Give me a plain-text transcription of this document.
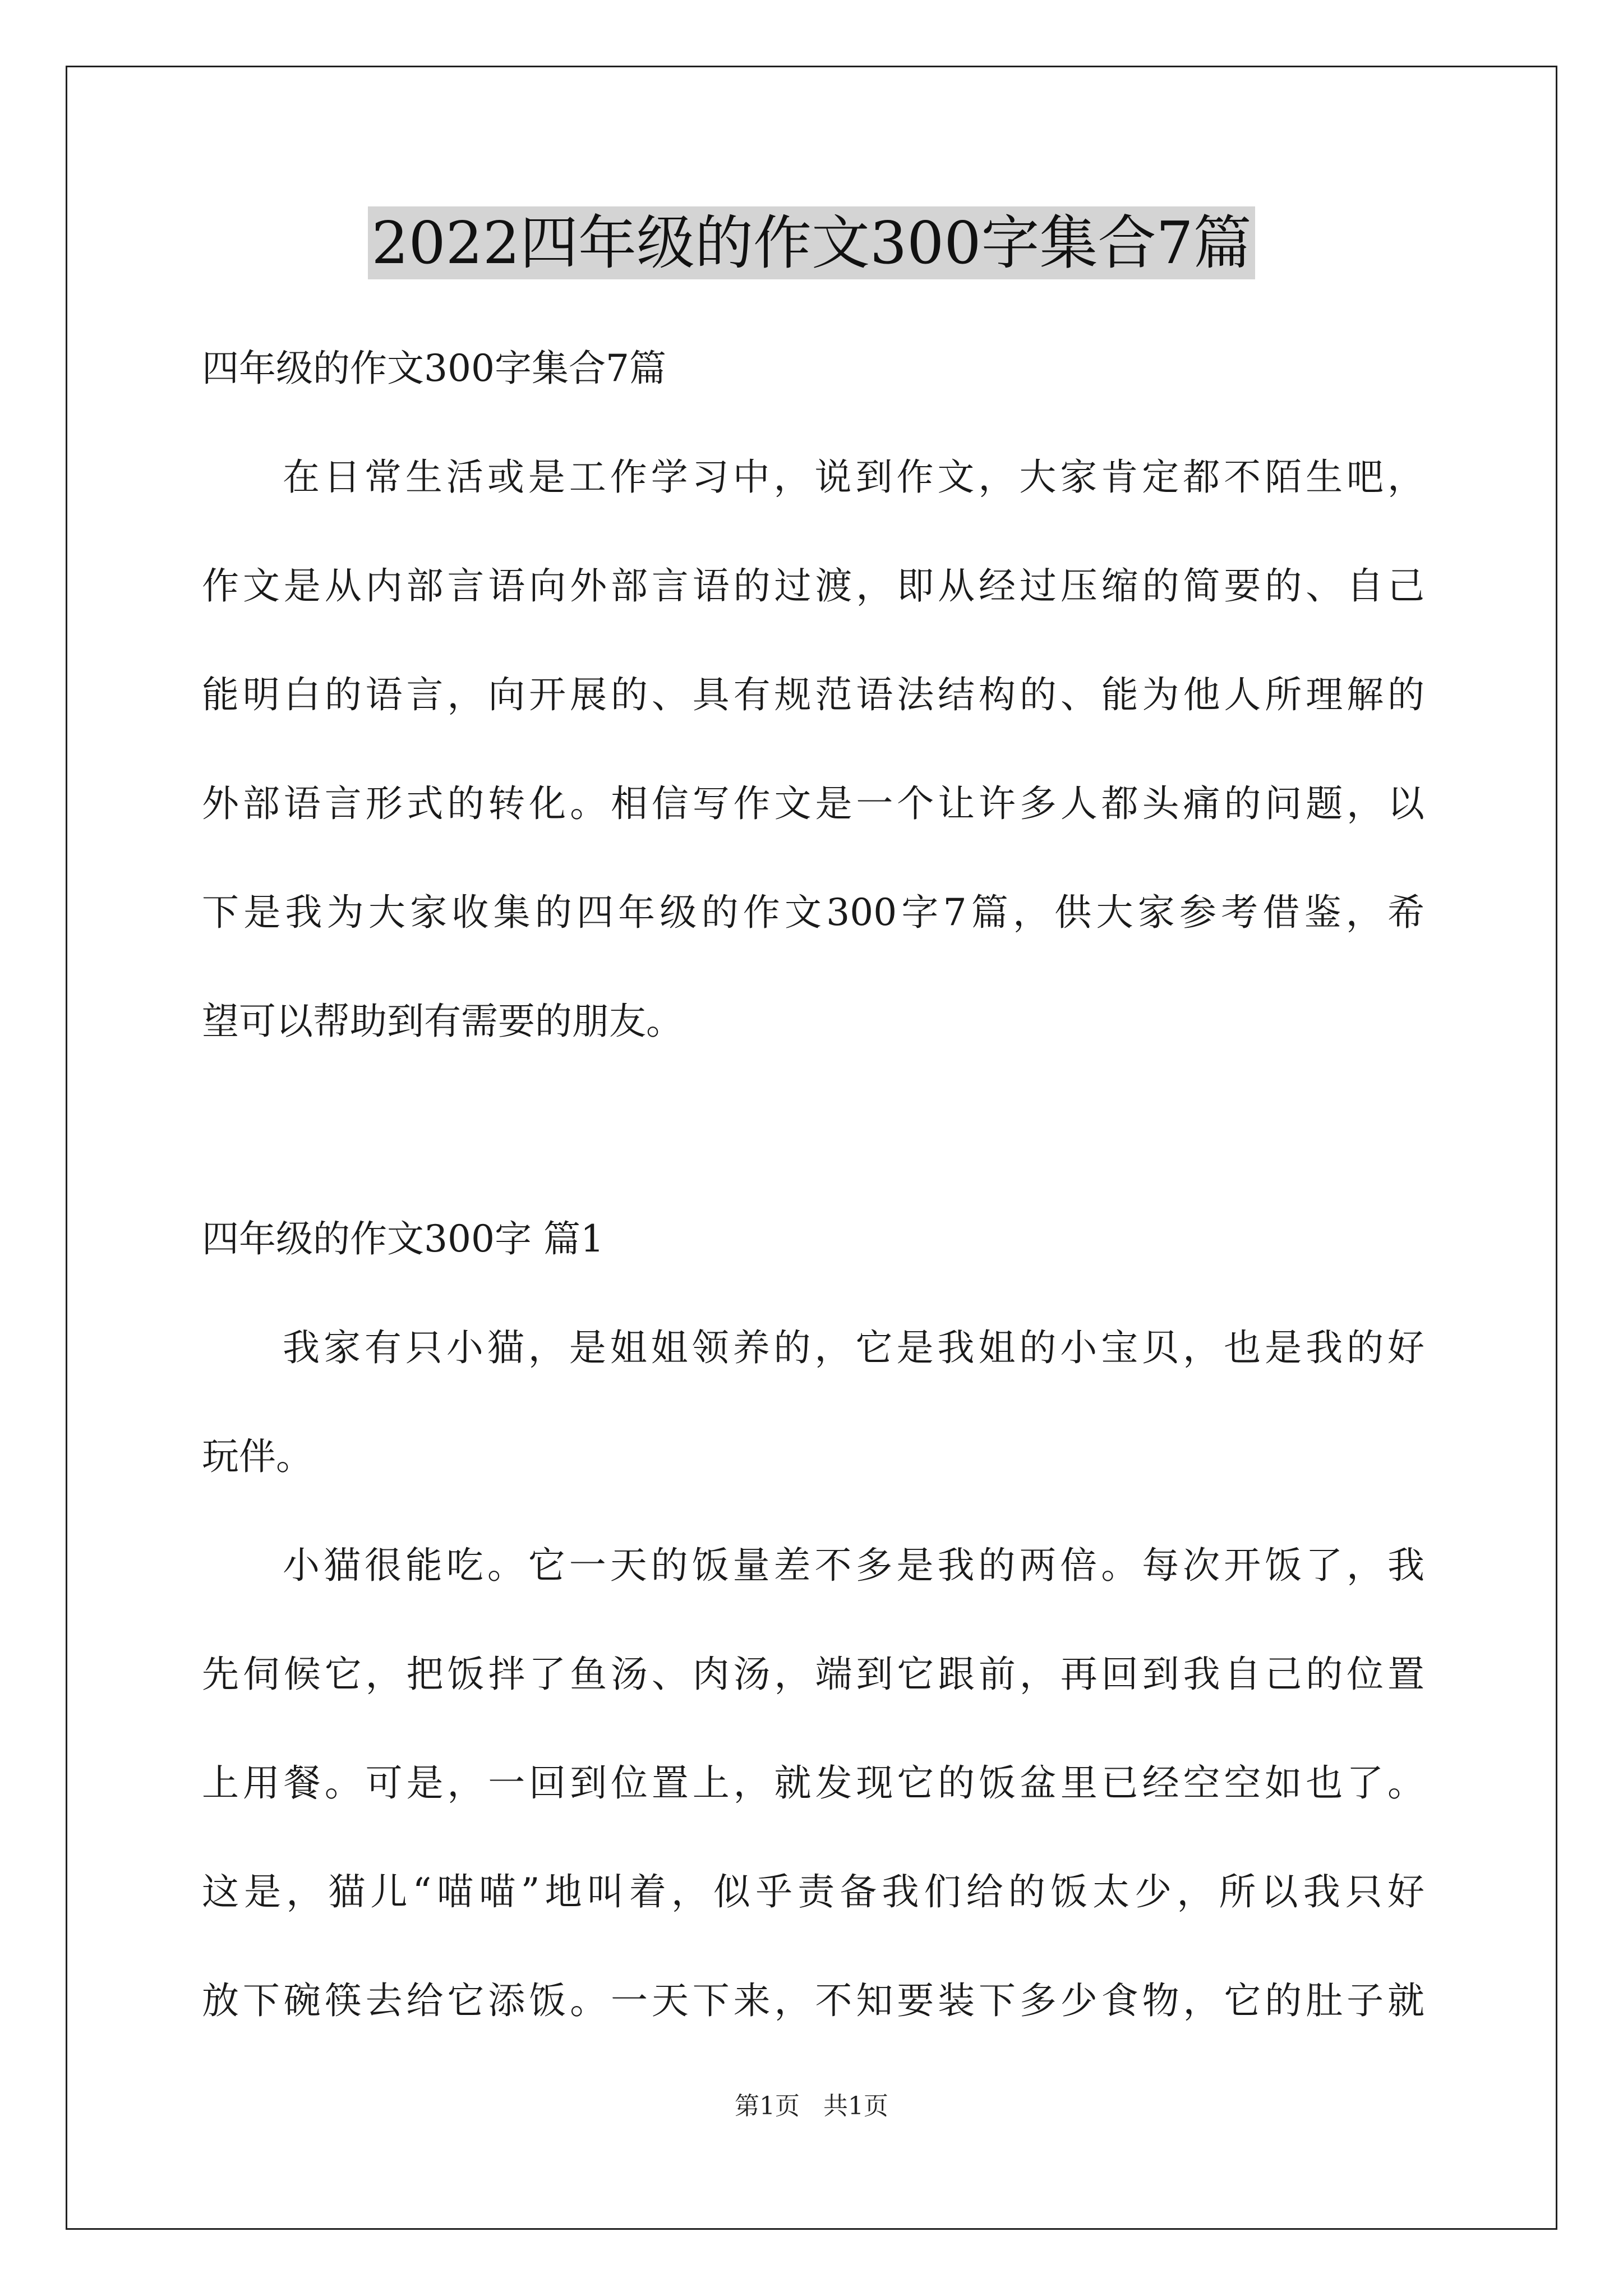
2022四年级的作文300字集合7篇
四年级的作文300字集合7篇
在日常生活或是工作学习中，说到作文，大家肯定都不陌生吧，
作文是从内部言语向外部言语的过渡，即从经过压缩的简要的、自己
能明白的语言，向开展的、具有规范语法结构的、能为他人所理解的
外部语言形式的转化。相信写作文是一个让许多人都头痛的问题，以
下是我为大家收集的四年级的作文300字7篇，供大家参考借鉴，希
望可以帮助到有需要的朋友。
四年级的作文300字 篇1
我家有只小猫，是姐姐领养的，它是我姐的小宝贝，也是我的好
玩伴。
小猫很能吃。它一天的饭量差不多是我的两倍。每次开饭了，我
先伺候它，把饭拌了鱼汤、肉汤，端到它跟前，再回到我自己的位置
上用餐。可是，一回到位置上，就发现它的饭盆里已经空空如也了。
这是，猫儿“喵喵”地叫着，似乎责备我们给的饭太少，所以我只好
放下碗筷去给它添饭。一天下来，不知要装下多少食物，它的肚子就
第1页   共1页
